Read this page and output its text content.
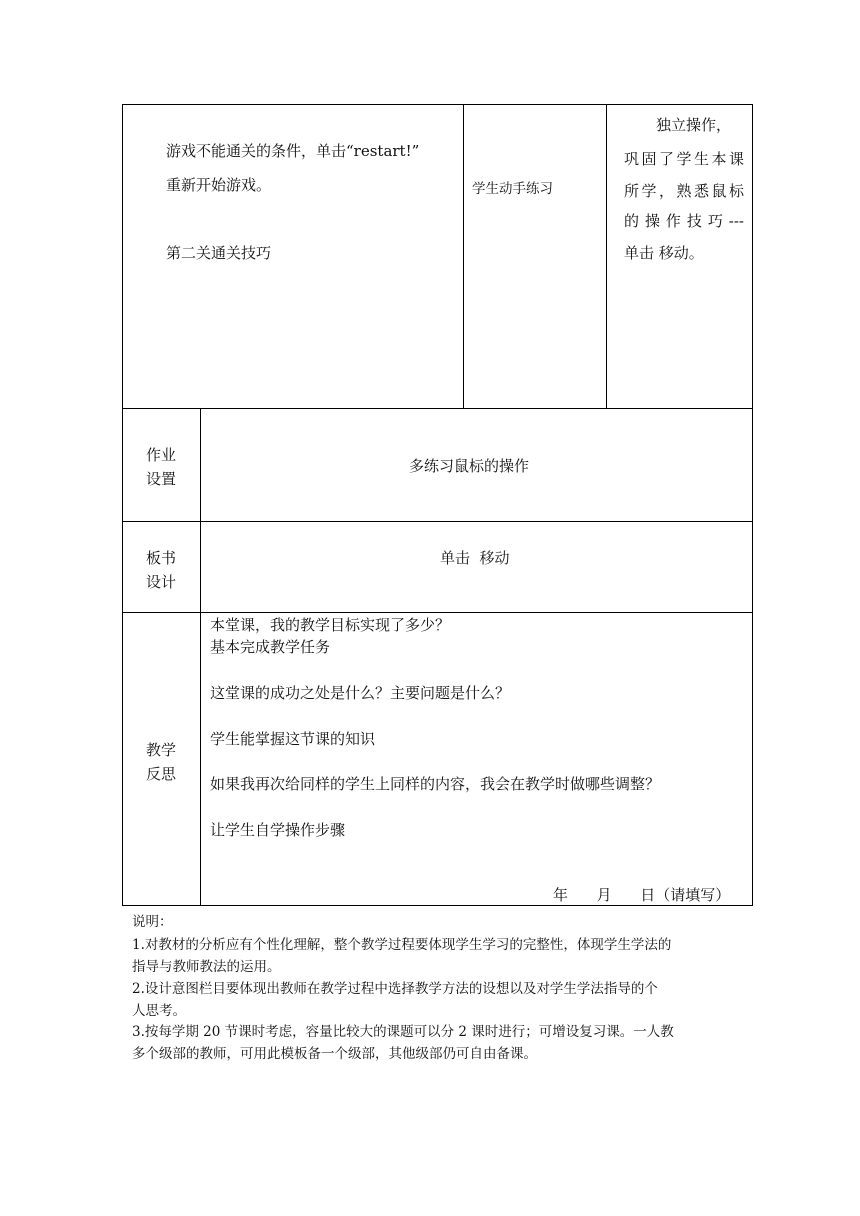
游戏不能通关的条件，单击“restart!”
重新开始游戏。
第二关通关技巧
学生动手练习
独立操作，
巩固了学生本课
所学，熟悉鼠标
的操作技巧---
单击 移动。
作业
设置
多练习鼠标的操作
板书
设计
单击  移动
教学
反思
本堂课，我的教学目标实现了多少？
基本完成教学任务
这堂课的成功之处是什么？主要问题是什么？
学生能掌握这节课的知识
如果我再次给同样的学生上同样的内容，我会在教学时做哪些调整？
让学生自学操作步骤
年      月      日（请填写）
说明：
1.对教材的分析应有个性化理解，整个教学过程要体现学生学习的完整性，体现学生学法的
指导与教师教法的运用。
2.设计意图栏目要体现出教师在教学过程中选择教学方法的设想以及对学生学法指导的个
人思考。
3.按每学期 20 节课时考虑，容量比较大的课题可以分 2 课时进行；可增设复习课。一人教
多个级部的教师，可用此模板备一个级部，其他级部仍可自由备课。
